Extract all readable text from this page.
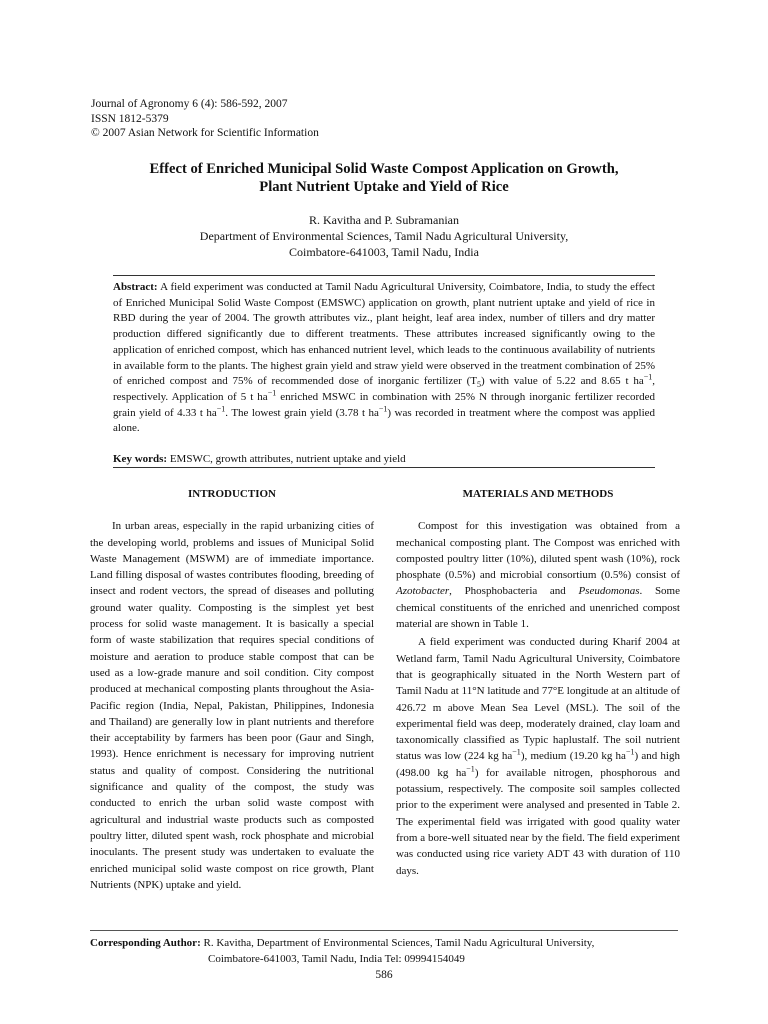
Journal of Agronomy 6 (4): 586-592, 2007
ISSN 1812-5379
© 2007 Asian Network for Scientific Information
Effect of Enriched Municipal Solid Waste Compost Application on Growth,
Plant Nutrient Uptake and Yield of Rice
R. Kavitha and P. Subramanian
Department of Environmental Sciences, Tamil Nadu Agricultural University,
Coimbatore-641003, Tamil Nadu, India
Abstract: A field experiment was conducted at Tamil Nadu Agricultural University, Coimbatore, India, to study the effect of Enriched Municipal Solid Waste Compost (EMSWC) application on growth, plant nutrient uptake and yield of rice in RBD during the year of 2004. The growth attributes viz., plant height, leaf area index, number of tillers and dry matter production differed significantly due to different treatments. These attributes increased significantly owing to the application of enriched compost, which has enhanced nutrient level, which leads to the continuous availability of nutrients in available form to the plants. The highest grain yield and straw yield were observed in the treatment combination of 25% of enriched compost and 75% of recommended dose of inorganic fertilizer $(T_5)$ with value of 5.22 and 8.65 t $ha^{-1}$, respectively. Application of 5 t $ha^{-1}$ enriched MSWC in combination with 25% N through inorganic fertilizer recorded grain yield of 4.33 t $ha^{-1}$. The lowest grain yield (3.78 t $ha^{-1}$) was recorded in treatment where the compost was applied alone.
Key words: EMSWC, growth attributes, nutrient uptake and yield
INTRODUCTION

In urban areas, especially in the rapid urbanizing cities of the developing world, problems and issues of Municipal Solid Waste Management (MSWM) are of immediate importance. Land filling disposal of wastes contributes flooding, breeding of insect and rodent vectors, the spread of diseases and polluting ground water quality. Composting is the simplest yet best process for solid waste management. It is basically a special form of waste stabilization that requires special conditions of moisture and aeration to produce stable compost that can be used as a low-grade manure and soil condition. City compost produced at mechanical composting plants throughout the Asia-Pacific region (India, Nepal, Pakistan, Philippines, Indonesia and Thailand) are generally low in plant nutrients and therefore their acceptability by farmers has been poor (Gaur and Singh, 1993). Hence enrichment is necessary for improving nutrient status and quality of compost. Considering the nutritional significance and quality of the compost, the study was conducted to enrich the urban solid waste compost with agricultural and industrial waste products such as composted poultry litter, diluted spent wash, rock phosphate and microbial inoculants. The present study was undertaken to evaluate the enriched municipal solid waste compost on rice growth, Plant Nutrients (NPK) uptake and yield.

MATERIALS AND METHODS

Compost for this investigation was obtained from a mechanical composting plant. The Compost was enriched with composted poultry litter (10%), diluted spent wash (10%), rock phosphate (0.5%) and microbial consortium (0.5%) consist of Azotobacter, Phosphobacteria and Pseudomonas. Some chemical constituents of the enriched and unenriched compost material are shown in Table 1.

A field experiment was conducted during Kharif 2004 at Wetland farm, Tamil Nadu Agricultural University, Coimbatore that is geographically situated in the North Western part of Tamil Nadu at 11°N latitude and 77°E longitude at an altitude of 426.72 m above Mean Sea Level (MSL). The soil of the experimental field was deep, moderately drained, clay loam and taxonomically classified as Typic haplustalf. The soil nutrient status was low (224 kg $ha^{-1}$), medium (19.20 kg $ha^{-1}$) and high (498.00 kg $ha^{-1}$) for available nitrogen, phosphorous and potassium, respectively. The composite soil samples collected prior to the experiment were analysed and presented in Table 2. The experimental field was irrigated with good quality water from a bore-well situated near by the field. The field experiment was conducted using rice variety ADT 43 with duration of 110 days.

Corresponding Author: R. Kavitha, Department of Environmental Sciences, Tamil Nadu Agricultural University,
Coimbatore-641003, Tamil Nadu, India Tel: 09994154049
586
